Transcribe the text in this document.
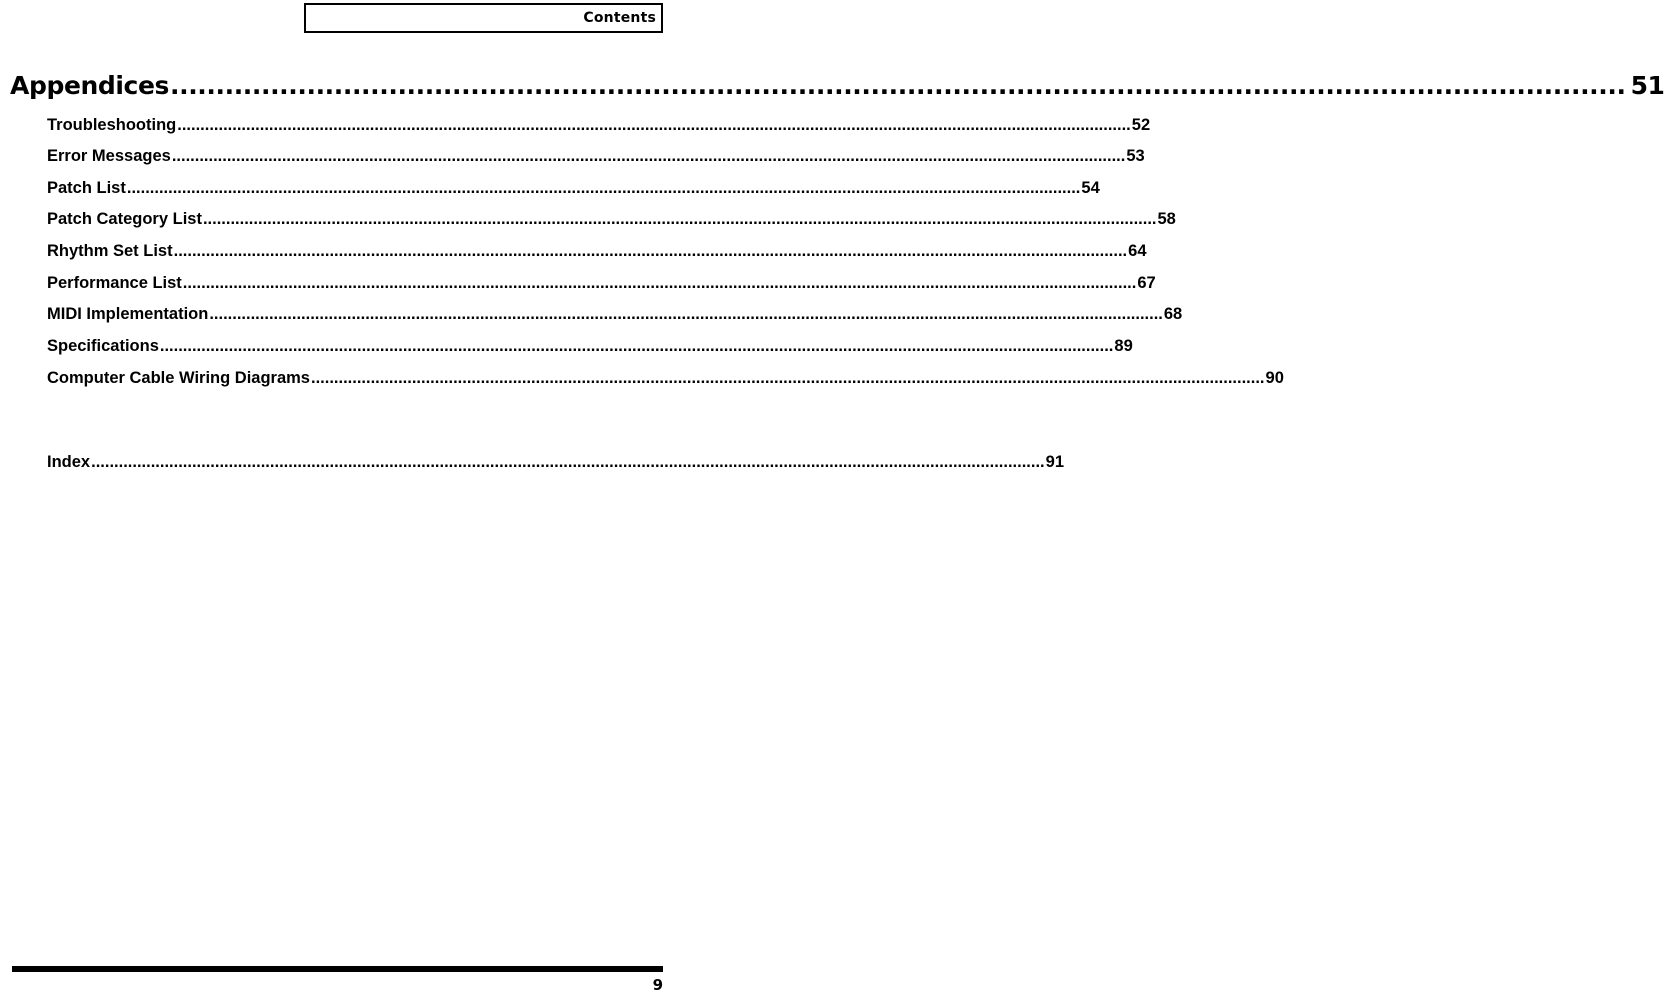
Contents
Appendices ................................................................................................................................................................ 51
Troubleshooting ................................................................................................................................................................................................................ 52
Error Messages ................................................................................................................................................................................................................ 53
Patch List ................................................................................................................................................................................................................ 54
Patch Category List ................................................................................................................................................................................................................ 58
Rhythm Set List ................................................................................................................................................................................................................ 64
Performance List ................................................................................................................................................................................................................ 67
MIDI Implementation ................................................................................................................................................................................................................ 68
Specifications ................................................................................................................................................................................................................ 89
Computer Cable Wiring Diagrams ................................................................................................................................................................................................................ 90
Index ................................................................................................................................................................................................................ 91
9
